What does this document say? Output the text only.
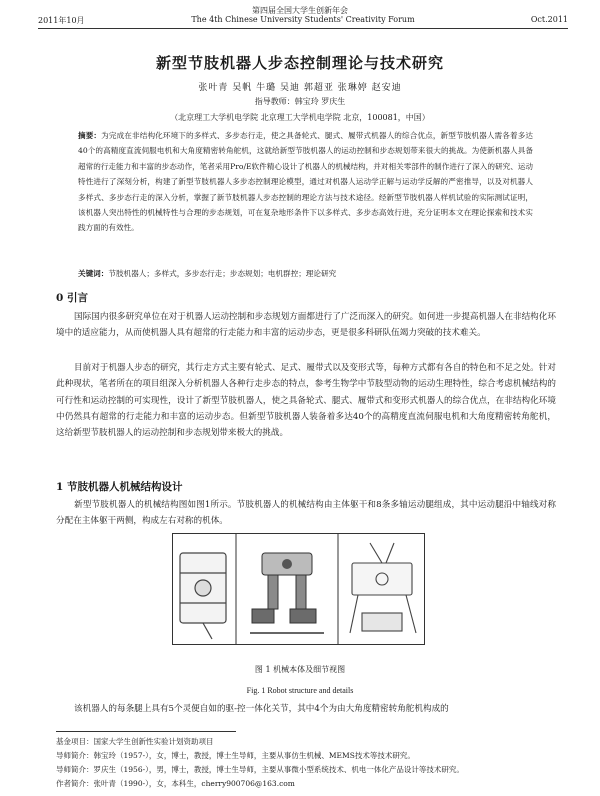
第四届全国大学生创新年会
2011年10月	The 4th Chinese University Students' Creativity Forum	Oct.2011
新型节肢机器人步态控制理论与技术研究
张叶青 吴帆 牛璐 吴迪 郭超亚 张琳婷 赵安迪
指导教师：韩宝玲 罗庆生
（北京理工大学机电学院 北京理工大学机电学院 北京，100081，中国）
摘要：为完成在非结构化环境下的多样式、多步态行走，使之具备轮式、腿式、履带式机器人的综合优点，新型节肢机器人需各着多达40个的高精度直流伺服电机和大角度精密转角舵机，这就给新型节肢机器人的运动控制和步态规划带来很大的挑战。为使新机器人具备超常的行走能力和丰富的步态动作，笔者采用Pro/E软件精心设计了机器人的机械结构，并对相关零部件的制作进行了深入的研究、运动特性进行了深刻分析，构建了新型节肢机器人多步态控制理论模型，通过对机器人运动学正解与运动学反解的严密推导，以及对机器人多样式、多步态行走的深入分析，掌握了新节肢机器人步态控制的理论方法与技术途径。经新型节肢机器人样机试验的实际测试证明，该机器人突出特性的机械特性与合理的步态规划，可在复杂地形条件下以多样式、多步态高效行进，充分证明本文在理论探索和技术实践方面的有效性。
关键词：节肢机器人；多样式，多步态行走；步态规划；电机群控；理论研究
0 引言
国际国内很多研究单位在对于机器人运动控制和步态规划方面都进行了广泛而深入的研究。如何进一步提高机器人在非结构化环境中的适应能力，从而使机器人具有超常的行走能力和丰富的运动步态，更是很多科研队伍竭力突破的技术难关。
目前对于机器人步态的研究，其行走方式主要有轮式、足式、履带式以及变形式等，每种方式都有各自的特色和不足之处。针对此种现状，笔者所在的项目组深入分析机器人各种行走步态的特点，参考生物学中节肢型动物的运动生理特性，综合考虑机械结构的可行性和运动控制的可实现性，设计了新型节肢机器人，使之具备轮式、腿式、履带式和变形式机器人的综合优点，在非结构化环境中仍然具有超常的行走能力和丰富的运动步态。但新型节肢机器人装备着多达40个的高精度直流伺服电机和大角度精密转角舵机，这给新型节肢机器人的运动控制和步态规划带来极大的挑战。
1 节肢机器人机械结构设计
新型节肢机器人的机械结构图如图1所示。节肢机器人的机械结构由主体躯干和8条多轴运动腿组成，其中运动腿沿中轴线对称分配在主体躯干两侧，构成左右对称的机体。
图 1 机械本体及细节视图
Fig. 1 Robot structure and details
该机器人的每条腿上具有5个灵便自如的驱-控一体化关节，其中4个为由大角度精密转角舵机构成的
基金项目：国家大学生创新性实验计划资助项目
导师简介：韩宝玲（1957-），女，博士，教授，博士生导师，主要从事仿生机械、MEMS技术等技术研究。
导师简介：罗庆生（1956-），男，博士，教授，博士生导师，主要从事微小型系统技术、机电一体化产品设计等技术研究。
作者简介：张叶青（1990-），女，本科生，cherry900706@163.com
